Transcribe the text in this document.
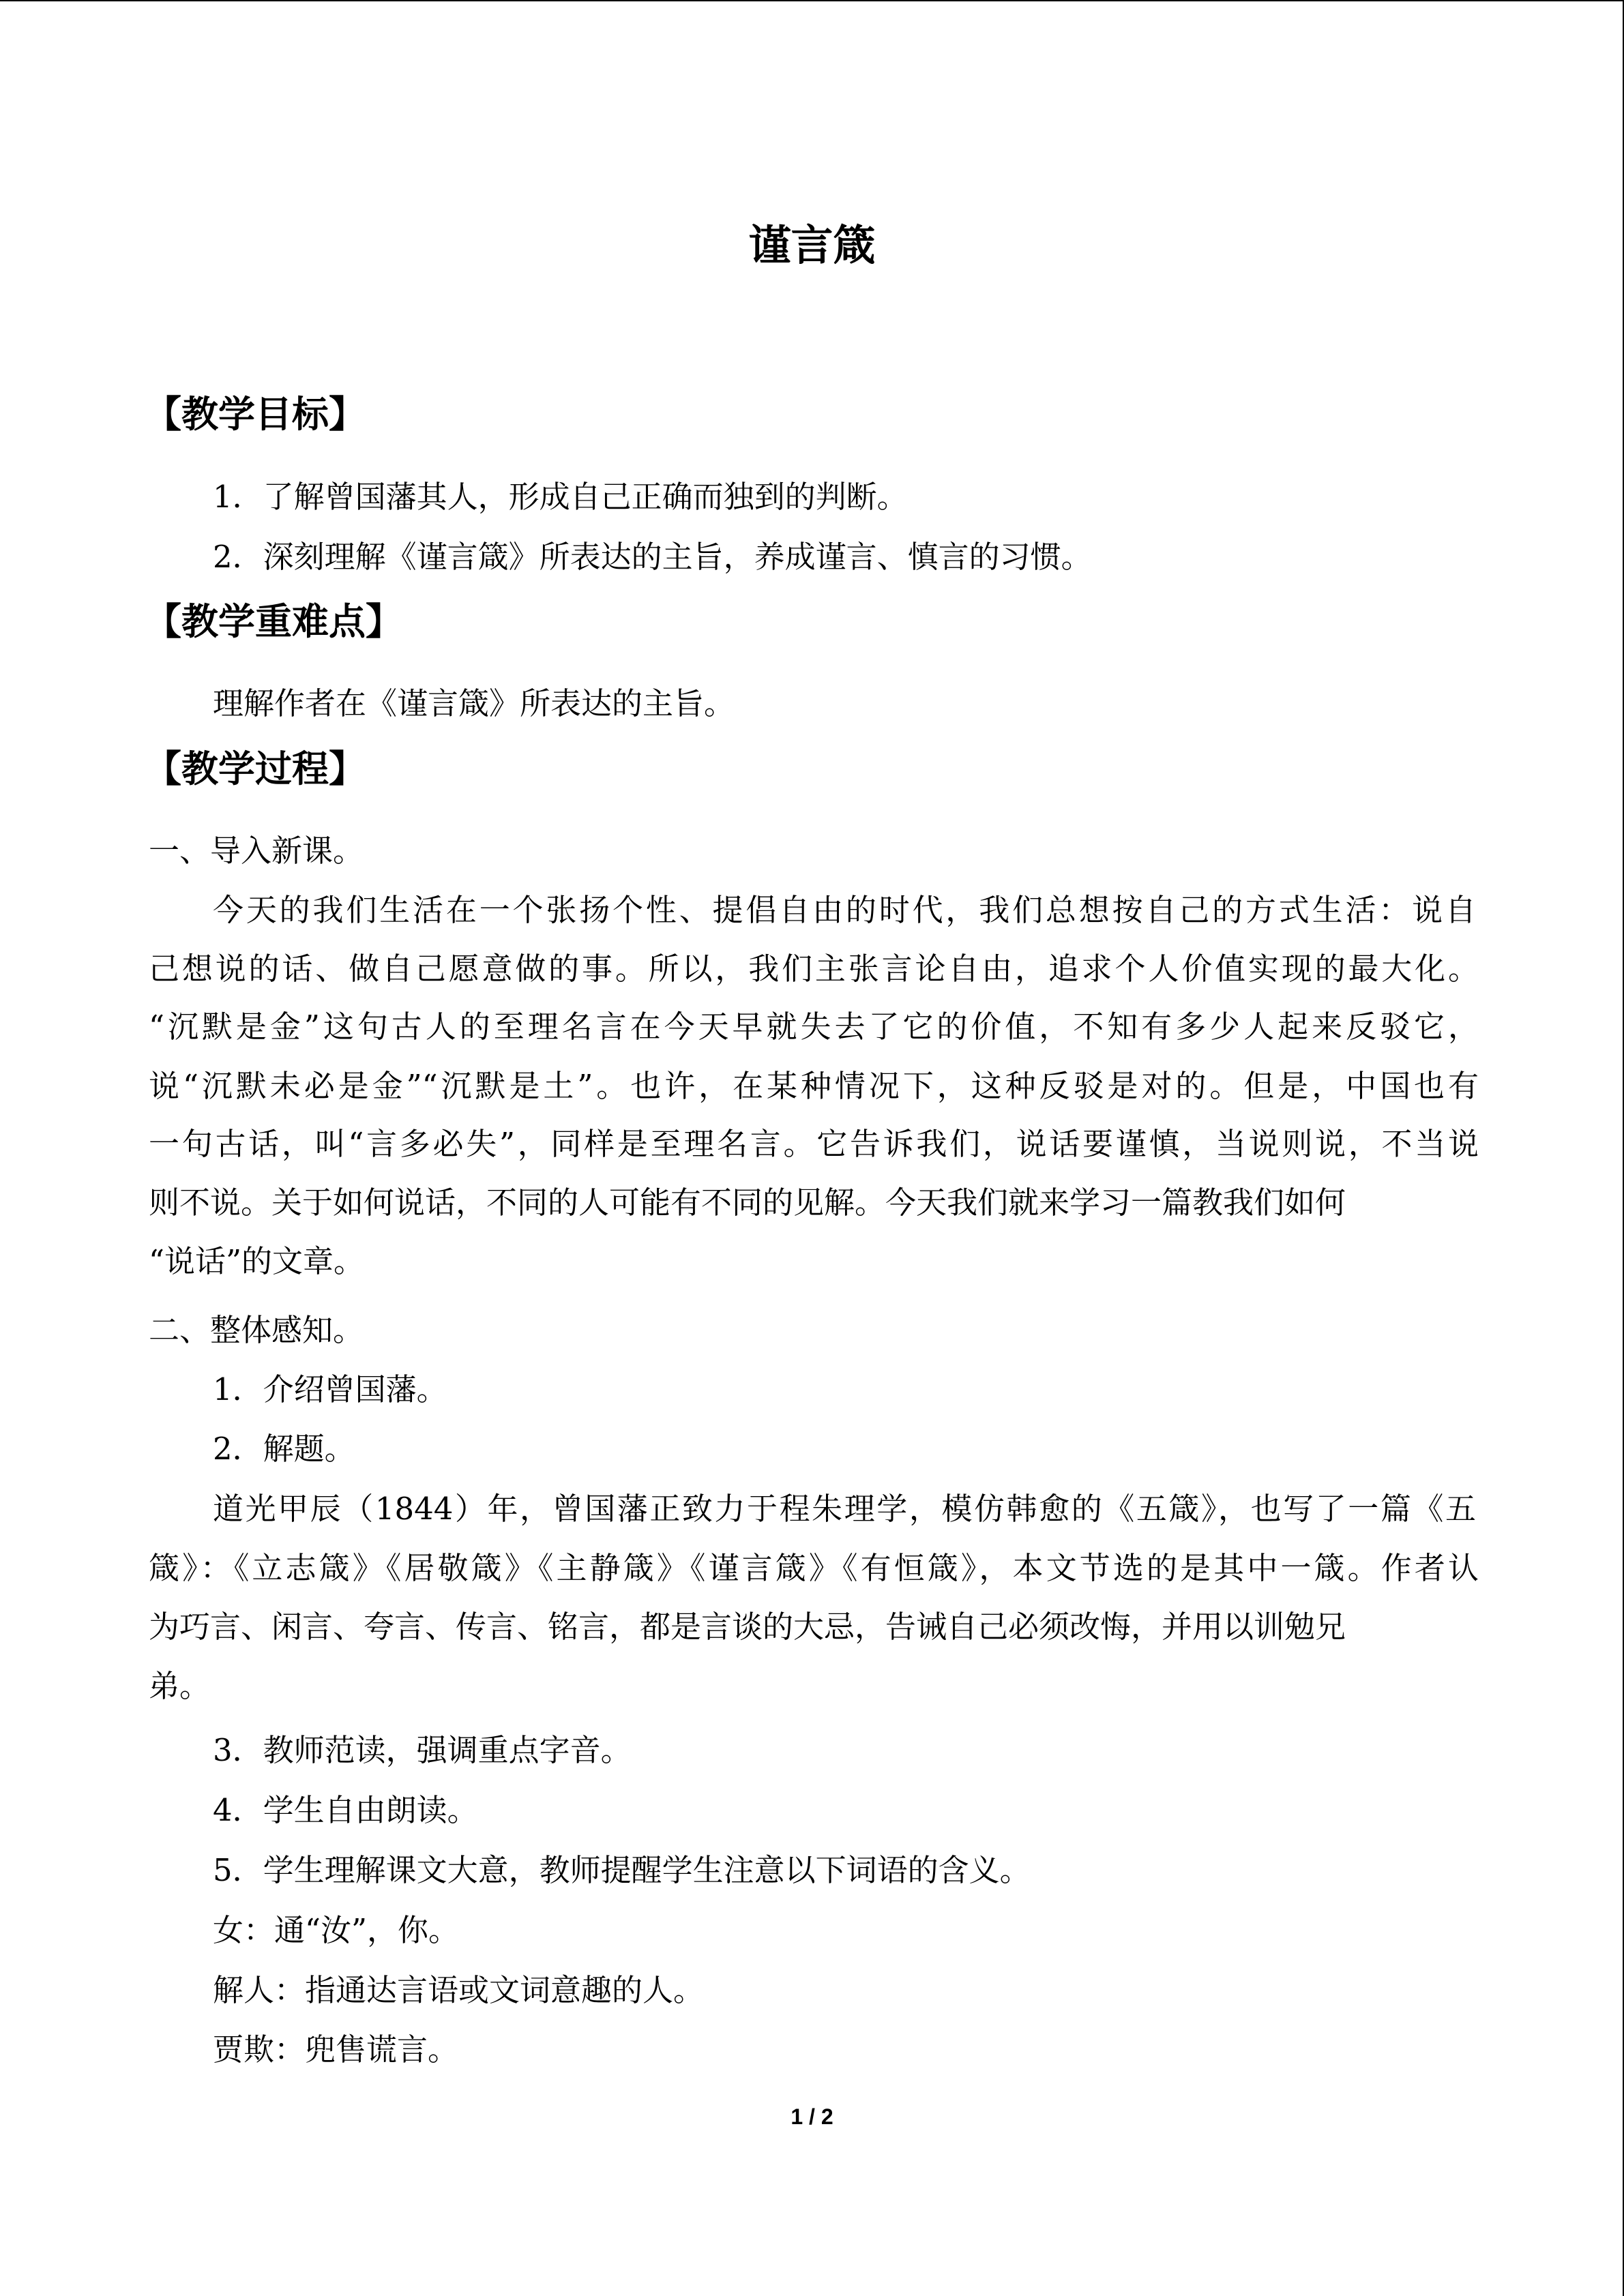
谨言箴
【教学目标】
1．了解曾国藩其人，形成自己正确而独到的判断。
2．深刻理解《谨言箴》所表达的主旨，养成谨言、慎言的习惯。
【教学重难点】
理解作者在《谨言箴》所表达的主旨。
【教学过程】
一、导入新课。
今天的我们生活在一个张扬个性、提倡自由的时代，我们总想按自己的方式生活：说自
己想说的话、做自己愿意做的事。所以，我们主张言论自由，追求个人价值实现的最大化。
“沉默是金”这句古人的至理名言在今天早就失去了它的价值，不知有多少人起来反驳它，
说“沉默未必是金”“沉默是土”。也许，在某种情况下，这种反驳是对的。但是，中国也有
一句古话，叫“言多必失”，同样是至理名言。它告诉我们，说话要谨慎，当说则说，不当说
则不说。关于如何说话，不同的人可能有不同的见解。今天我们就来学习一篇教我们如何
“说话”的文章。
二、整体感知。
1．介绍曾国藩。
2．解题。
道光甲辰（1844）年，曾国藩正致力于程朱理学，模仿韩愈的《五箴》，也写了一篇《五
箴》：《立志箴》《居敬箴》《主静箴》《谨言箴》《有恒箴》，本文节选的是其中一箴。作者认
为巧言、闲言、夸言、传言、铭言，都是言谈的大忌，告诫自己必须改悔，并用以训勉兄
弟。
3．教师范读，强调重点字音。
4．学生自由朗读。
5．学生理解课文大意，教师提醒学生注意以下词语的含义。
女：通“汝”，你。
解人：指通达言语或文词意趣的人。
贾欺：兜售谎言。
1 / 2
